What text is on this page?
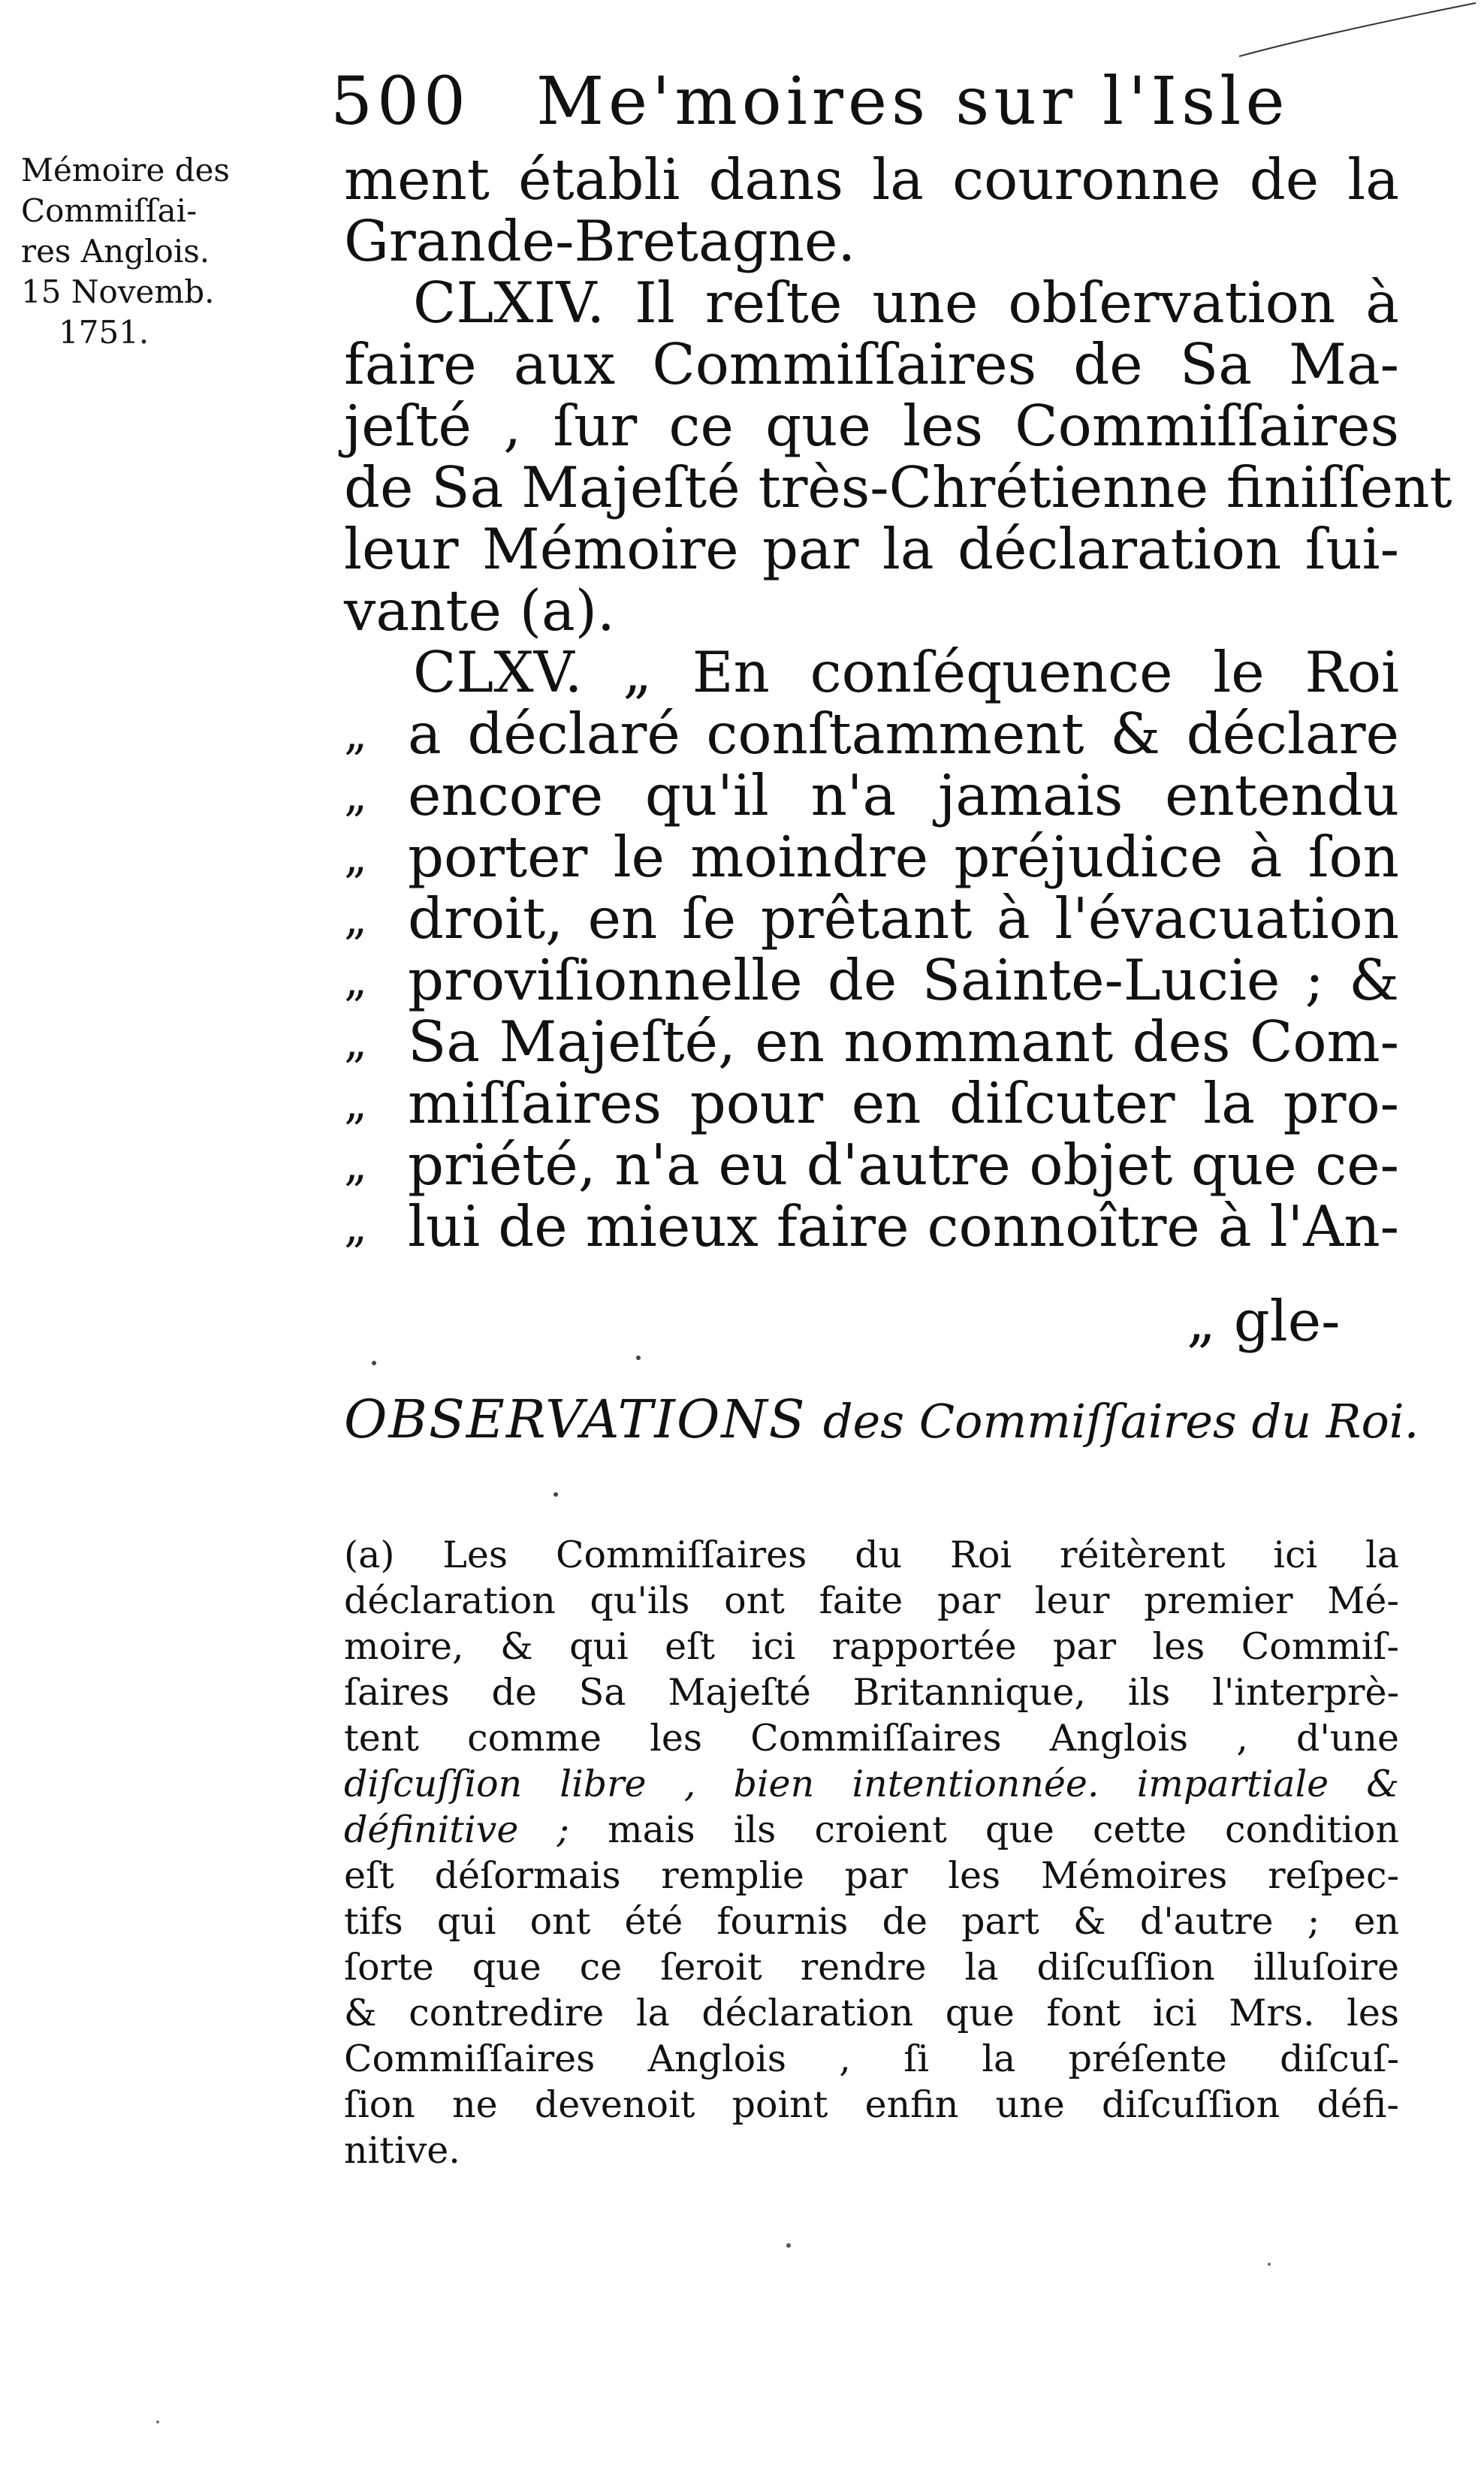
500 Me'moires sur l'Isle
Mémoire des
Commiſſai-
res Anglois.
15 Novemb.
1751.
ment établi dans la couronne de la
Grande-Bretagne.
CLXIV. Il reſte une obſervation à
faire aux Commiſſaires de Sa Ma-
jeſté , ſur ce que les Commiſſaires
de Sa Majeſté très-Chrétienne finiſſent
leur Mémoire par la déclaration ſui-
vante (a).
CLXV. „ En conſéquence le Roi
„ a déclaré conſtamment & déclare
„ encore qu'il n'a jamais entendu
„ porter le moindre préjudice à ſon
„ droit, en ſe prêtant à l'évacuation
„ proviſionnelle de Sainte-Lucie ; &
„ Sa Majeſté, en nommant des Com-
„ miſſaires pour en diſcuter la pro-
„ priété, n'a eu d'autre objet que ce-
„ lui de mieux faire connoître à l'An-
„ gle-
OBSERVATIONS des Commiſſaires du Roi.
(a) Les Commiſſaires du Roi réitèrent ici la
déclaration qu'ils ont faite par leur premier Mé-
moire, & qui eſt ici rapportée par les Commiſ-
ſaires de Sa Majeſté Britannique, ils l'interprè-
tent comme les Commiſſaires Anglois , d'une
diſcuſſion libre , bien intentionnée. impartiale &
définitive ; mais ils croient que cette condition
eſt déſormais remplie par les Mémoires reſpec-
tifs qui ont été fournis de part & d'autre ; en
ſorte que ce ſeroit rendre la diſcuſſion illuſoire
& contredire la déclaration que font ici Mrs. les
Commiſſaires Anglois , ſi la préſente diſcuſ-
ſion ne devenoit point enfin une diſcuſſion défi-
nitive.
